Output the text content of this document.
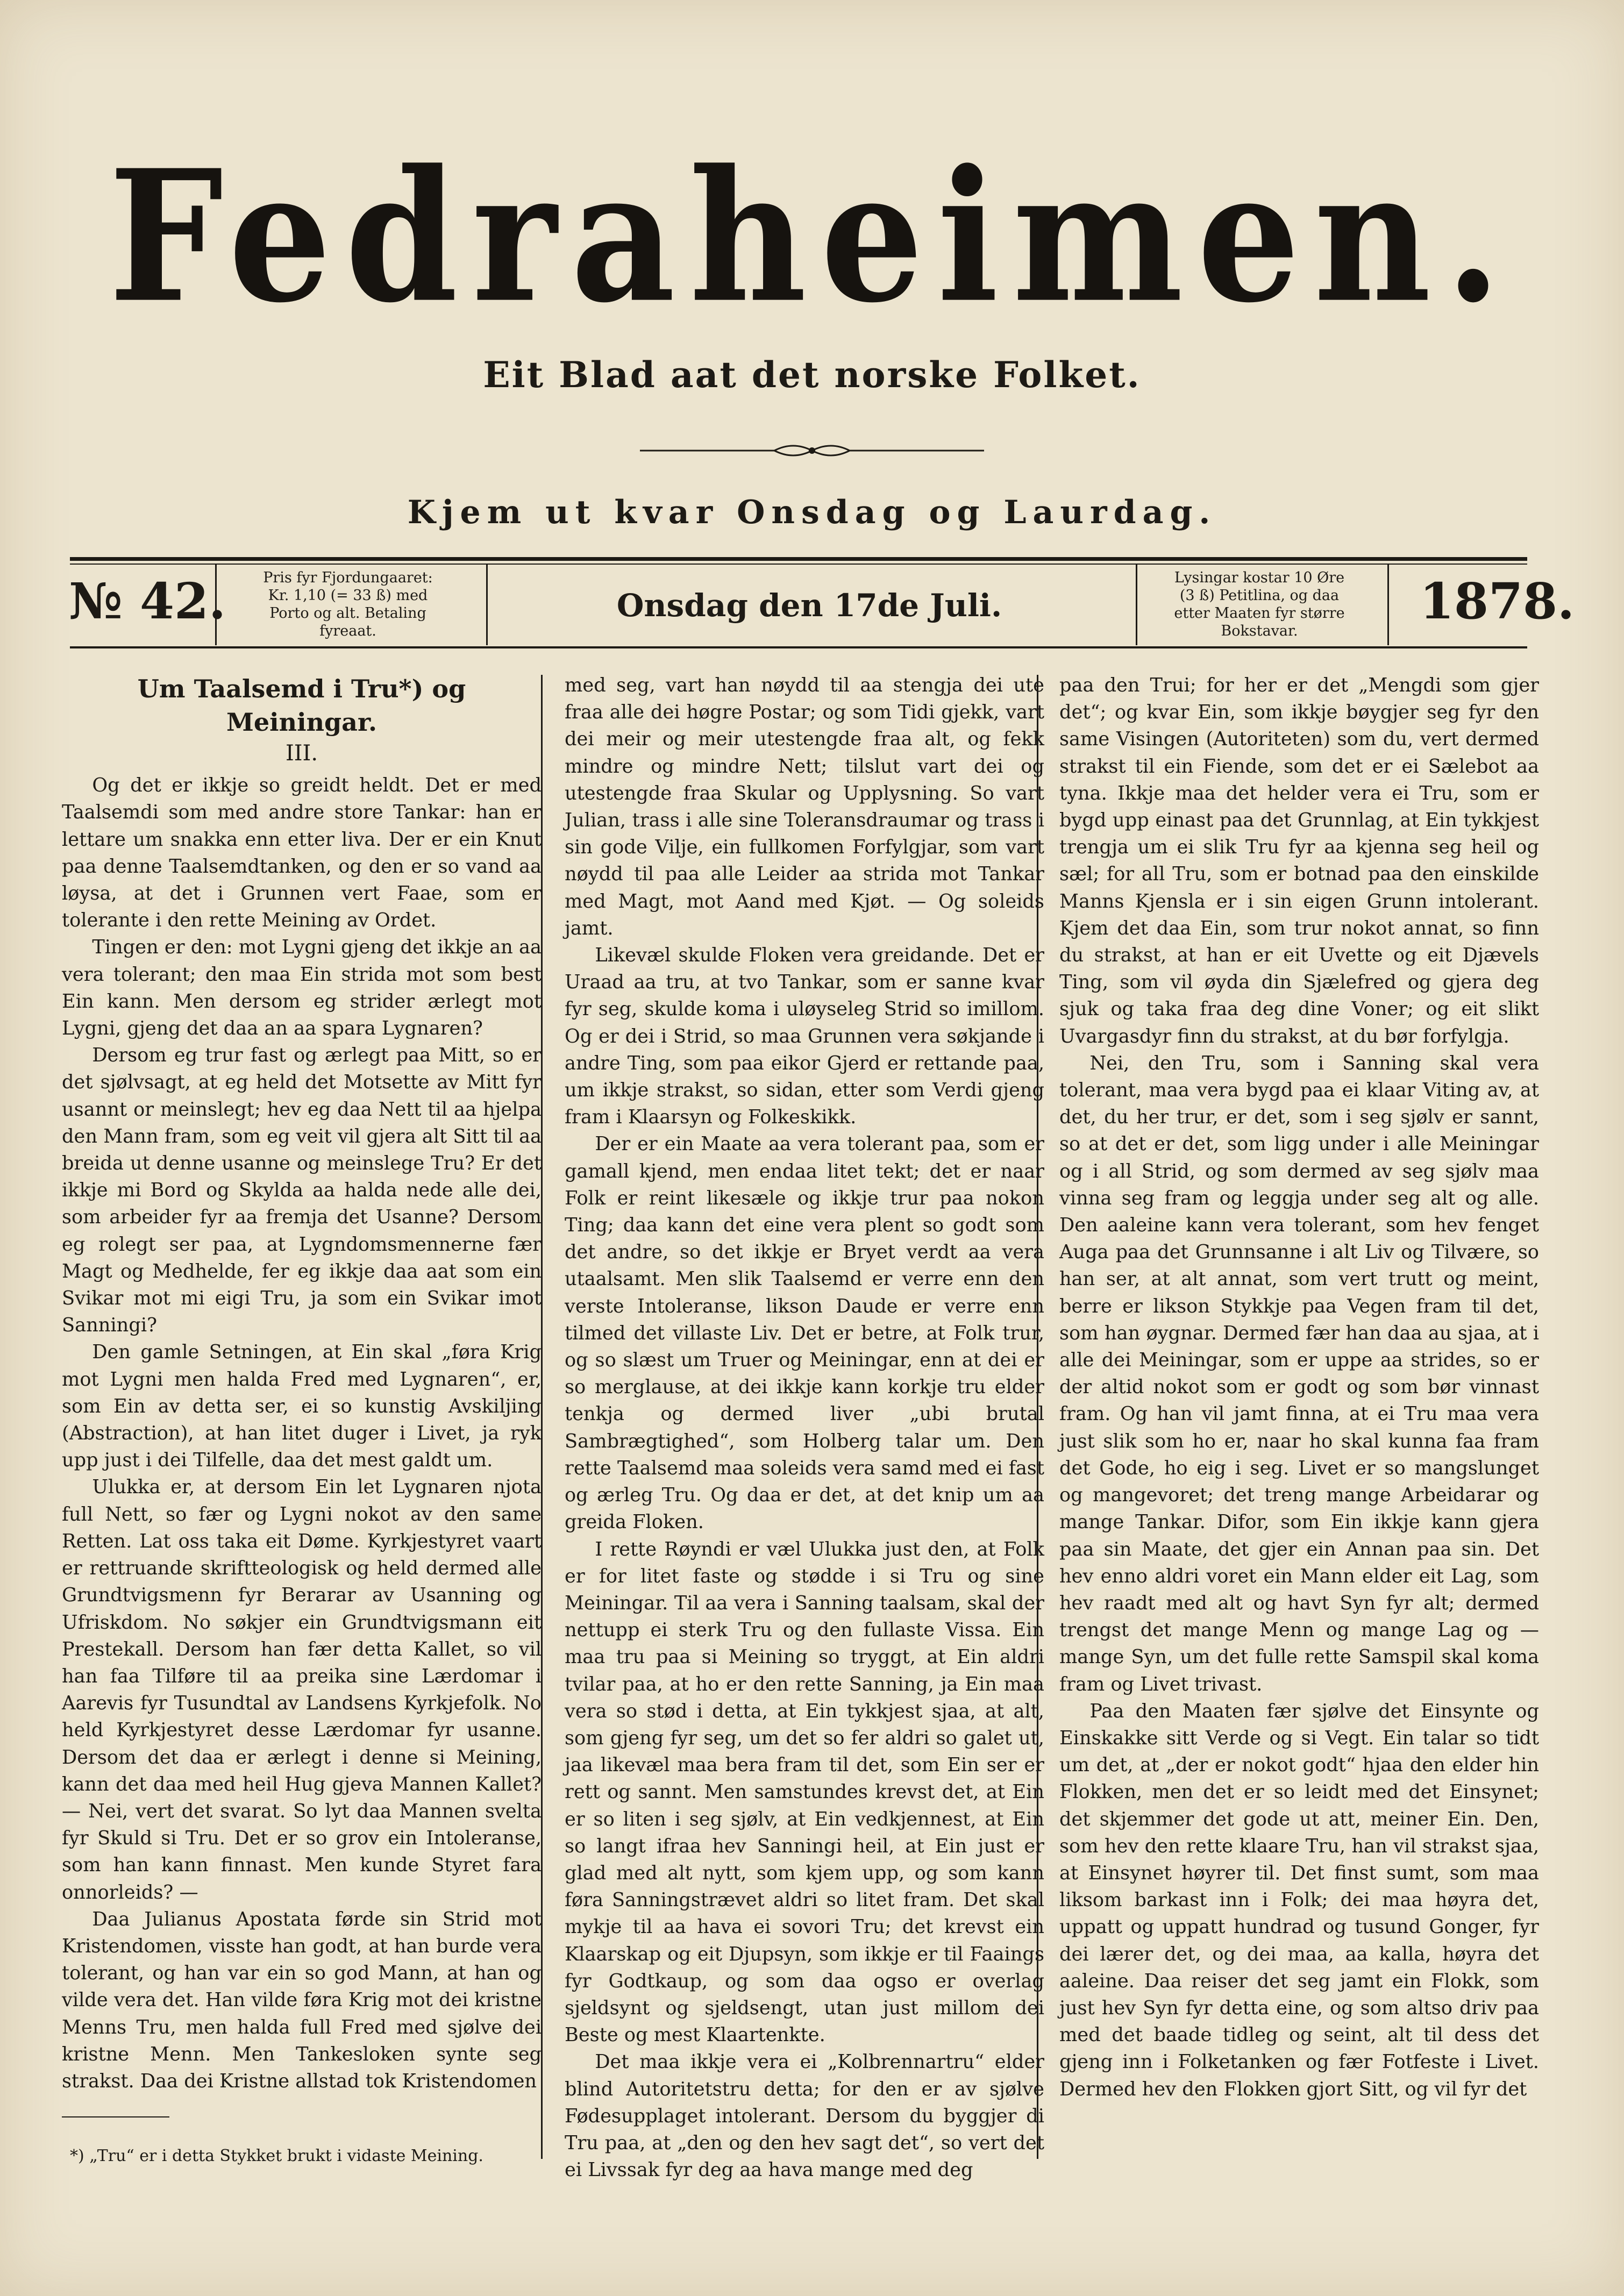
Fedraheimen.
Eit Blad aat det norske Folket.
Kjem ut kvar Onsdag og Laurdag.
№ 42.	Pris fyr Fjordungaaret:
Kr. 1,10 (= 33 ß) med
Porto og alt. Betaling
fyreaat.
Onsdag den 17de Juli.
Lysingar kostar 10 Øre
(3 ß) Petitlina, og daa
etter Maaten fyr større
Bokstavar.
1878.
Um Taalsemd i Tru*) og Meiningar.
III.

Og det er ikkje so greidt heldt. Det er med Taalsemdi som med andre store Tankar: han er lettare um snakka enn etter liva. Der er ein Knut paa denne Taalsemdtanken, og den er so vand aa løysa, at det i Grunnen vert Faae, som er tolerante i den rette Meining av Ordet.

Tingen er den: mot Lygni gjeng det ikkje an aa vera tolerant; den maa Ein strida mot som best Ein kann. Men dersom eg strider ærlegt mot Lygni, gjeng det daa an aa spara Lygnaren?

Dersom eg trur fast og ærlegt paa Mitt, so er det sjølvsagt, at eg held det Motsette av Mitt fyr usannt or meinslegt; hev eg daa Nett til aa hjelpa den Mann fram, som eg veit vil gjera alt Sitt til aa breida ut denne usanne og meinslege Tru? Er det ikkje mi Bord og Skylda aa halda nede alle dei, som arbeider fyr aa fremja det Usanne? Dersom eg rolegt ser paa, at Lygndomsmennerne fær Magt og Medhelde, fer eg ikkje daa aat som ein Svikar mot mi eigi Tru, ja som ein Svikar imot Sanningi?

Den gamle Setningen, at Ein skal „føra Krig mot Lygni men halda Fred med Lygnaren“, er, som Ein av detta ser, ei so kunstig Avskiljing (Abstraction), at han litet duger i Livet, ja ryk upp just i dei Tilfelle, daa det mest galdt um.

Ulukka er, at dersom Ein let Lygnaren njota full Nett, so fær og Lygni nokot av den same Retten. Lat oss taka eit Døme. Kyrkjestyret vaart er rettruande skriftteologisk og held dermed alle Grundtvigsmenn fyr Berarar av Usanning og Ufriskdom. No søkjer ein Grundtvigsmann eit Prestekall. Dersom han fær detta Kallet, so vil han faa Tilføre til aa preika sine Lærdomar i Aarevis fyr Tusundtal av Landsens Kyrkjefolk. No held Kyrkjestyret desse Lærdomar fyr usanne. Dersom det daa er ærlegt i denne si Meining, kann det daa med heil Hug gjeva Mannen Kallet? — Nei, vert det svarat. So lyt daa Mannen svelta fyr Skuld si Tru. Det er so grov ein Intoleranse, som han kann finnast. Men kunde Styret fara onnorleids? —

Daa Julianus Apostata førde sin Strid mot Kristendomen, visste han godt, at han burde vera tolerant, og han var ein so god Mann, at han og vilde vera det. Han vilde føra Krig mot dei kristne Menns Tru, men halda full Fred med sjølve dei kristne Menn. Men Tankesloken synte seg strakst. Daa dei Kristne allstad tok Kristendomen

med seg, vart han nøydd til aa stengja dei ute fraa alle dei høgre Postar; og som Tidi gjekk, vart dei meir og meir utestengde fraa alt, og fekk mindre og mindre Nett; tilslut vart dei og utestengde fraa Skular og Upplysning. So vart Julian, trass i alle sine Toleransdraumar og trass i sin gode Vilje, ein fullkomen Forfylgjar, som vart nøydd til paa alle Leider aa strida mot Tankar med Magt, mot Aand med Kjøt. — Og soleids jamt.

Likevæl skulde Floken vera greidande. Det er Uraad aa tru, at tvo Tankar, som er sanne kvar fyr seg, skulde koma i uløyseleg Strid so imillom. Og er dei i Strid, so maa Grunnen vera søkjande i andre Ting, som paa eikor Gjerd er rettande paa, um ikkje strakst, so sidan, etter som Verdi gjeng fram i Klaarsyn og Folkeskikk.

Der er ein Maate aa vera tolerant paa, som er gamall kjend, men endaa litet tekt; det er naar Folk er reint likesæle og ikkje trur paa nokon Ting; daa kann det eine vera plent so godt som det andre, so det ikkje er Bryet verdt aa vera utaalsamt. Men slik Taalsemd er verre enn den verste Intoleranse, likson Daude er verre enn tilmed det villaste Liv. Det er betre, at Folk trur, og so slæst um Truer og Meiningar, enn at dei er so merglause, at dei ikkje kann korkje tru elder tenkja og dermed liver „ubi brutal Sambrægtighed“, som Holberg talar um. Den rette Taalsemd maa soleids vera samd med ei fast og ærleg Tru. Og daa er det, at det knip um aa greida Floken.

I rette Røyndi er væl Ulukka just den, at Folk er for litet faste og stødde i si Tru og sine Meiningar. Til aa vera i Sanning taalsam, skal der nettupp ei sterk Tru og den fullaste Vissa. Ein maa tru paa si Meining so tryggt, at Ein aldri tvilar paa, at ho er den rette Sanning, ja Ein maa vera so stød i detta, at Ein tykkjest sjaa, at alt, som gjeng fyr seg, um det so fer aldri so galet ut, jaa likevæl maa bera fram til det, som Ein ser er rett og sannt. Men samstundes krevst det, at Ein er so liten i seg sjølv, at Ein vedkjennest, at Ein so langt ifraa hev Sanningi heil, at Ein just er glad med alt nytt, som kjem upp, og som kann føra Sanningstrævet aldri so litet fram. Det skal mykje til aa hava ei sovori Tru; det krevst ein Klaarskap og eit Djupsyn, som ikkje er til Faaings fyr Godtkaup, og som daa ogso er overlag sjeldsynt og sjeldsengt, utan just millom dei Beste og mest Klaartenkte.

Det maa ikkje vera ei „Kolbrennartru“ elder blind Autoritetstru detta; for den er av sjølve Fødesupplaget intolerant. Dersom du byggjer di Tru paa, at „den og den hev sagt det“, so vert det ei Livssak fyr deg aa hava mange med deg

paa den Trui; for her er det „Mengdi som gjer det“; og kvar Ein, som ikkje bøygjer seg fyr den same Visingen (Autoriteten) som du, vert dermed strakst til ein Fiende, som det er ei Sælebot aa tyna. Ikkje maa det helder vera ei Tru, som er bygd upp einast paa det Grunnlag, at Ein tykkjest trengja um ei slik Tru fyr aa kjenna seg heil og sæl; for all Tru, som er botnad paa den einskilde Manns Kjensla er i sin eigen Grunn intolerant. Kjem det daa Ein, som trur nokot annat, so finn du strakst, at han er eit Uvette og eit Djævels Ting, som vil øyda din Sjælefred og gjera deg sjuk og taka fraa deg dine Voner; og eit slikt Uvargasdyr finn du strakst, at du bør forfylgja.

Nei, den Tru, som i Sanning skal vera tolerant, maa vera bygd paa ei klaar Viting av, at det, du her trur, er det, som i seg sjølv er sannt, so at det er det, som ligg under i alle Meiningar og i all Strid, og som dermed av seg sjølv maa vinna seg fram og leggja under seg alt og alle. Den aaleine kann vera tolerant, som hev fenget Auga paa det Grunnsanne i alt Liv og Tilvære, so han ser, at alt annat, som vert trutt og meint, berre er likson Stykkje paa Vegen fram til det, som han øygnar. Dermed fær han daa au sjaa, at i alle dei Meiningar, som er uppe aa strides, so er der altid nokot som er godt og som bør vinnast fram. Og han vil jamt finna, at ei Tru maa vera just slik som ho er, naar ho skal kunna faa fram det Gode, ho eig i seg. Livet er so mangslunget og mangevoret; det treng mange Arbeidarar og mange Tankar. Difor, som Ein ikkje kann gjera paa sin Maate, det gjer ein Annan paa sin. Det hev enno aldri voret ein Mann elder eit Lag, som hev raadt med alt og havt Syn fyr alt; dermed trengst det mange Menn og mange Lag og — mange Syn, um det fulle rette Samspil skal koma fram og Livet trivast.

Paa den Maaten fær sjølve det Einsynte og Einskakke sitt Verde og si Vegt. Ein talar so tidt um det, at „der er nokot godt“ hjaa den elder hin Flokken, men det er so leidt med det Einsynet; det skjemmer det gode ut att, meiner Ein. Den, som hev den rette klaare Tru, han vil strakst sjaa, at Einsynet høyrer til. Det finst sumt, som maa liksom barkast inn i Folk; dei maa høyra det, uppatt og uppatt hundrad og tusund Gonger, fyr dei lærer det, og dei maa, aa kalla, høyra det aaleine. Daa reiser det seg jamt ein Flokk, som just hev Syn fyr detta eine, og som altso driv paa med det baade tidleg og seint, alt til dess det gjeng inn i Folketanken og fær Fotfeste i Livet. Dermed hev den Flokken gjort Sitt, og vil fyr det

*) „Tru“ er i detta Stykket brukt i vidaste Meining.
